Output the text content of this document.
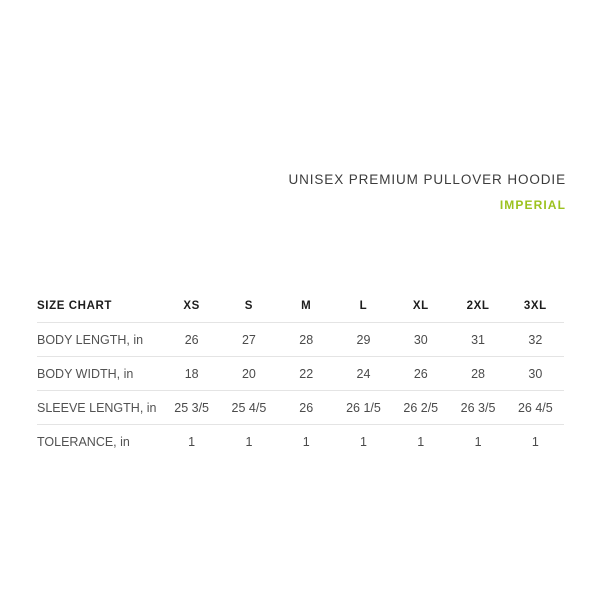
UNISEX PREMIUM PULLOVER HOODIE
IMPERIAL
SIZE CHART	XS	S	M	L	XL	2XL	3XL
BODY LENGTH, in	26	27	28	29	30	31	32
BODY WIDTH, in	18	20	22	24	26	28	30
SLEEVE LENGTH, in	25 3/5	25 4/5	26	26 1/5	26 2/5	26 3/5	26 4/5
TOLERANCE, in	1	1	1	1	1	1	1
